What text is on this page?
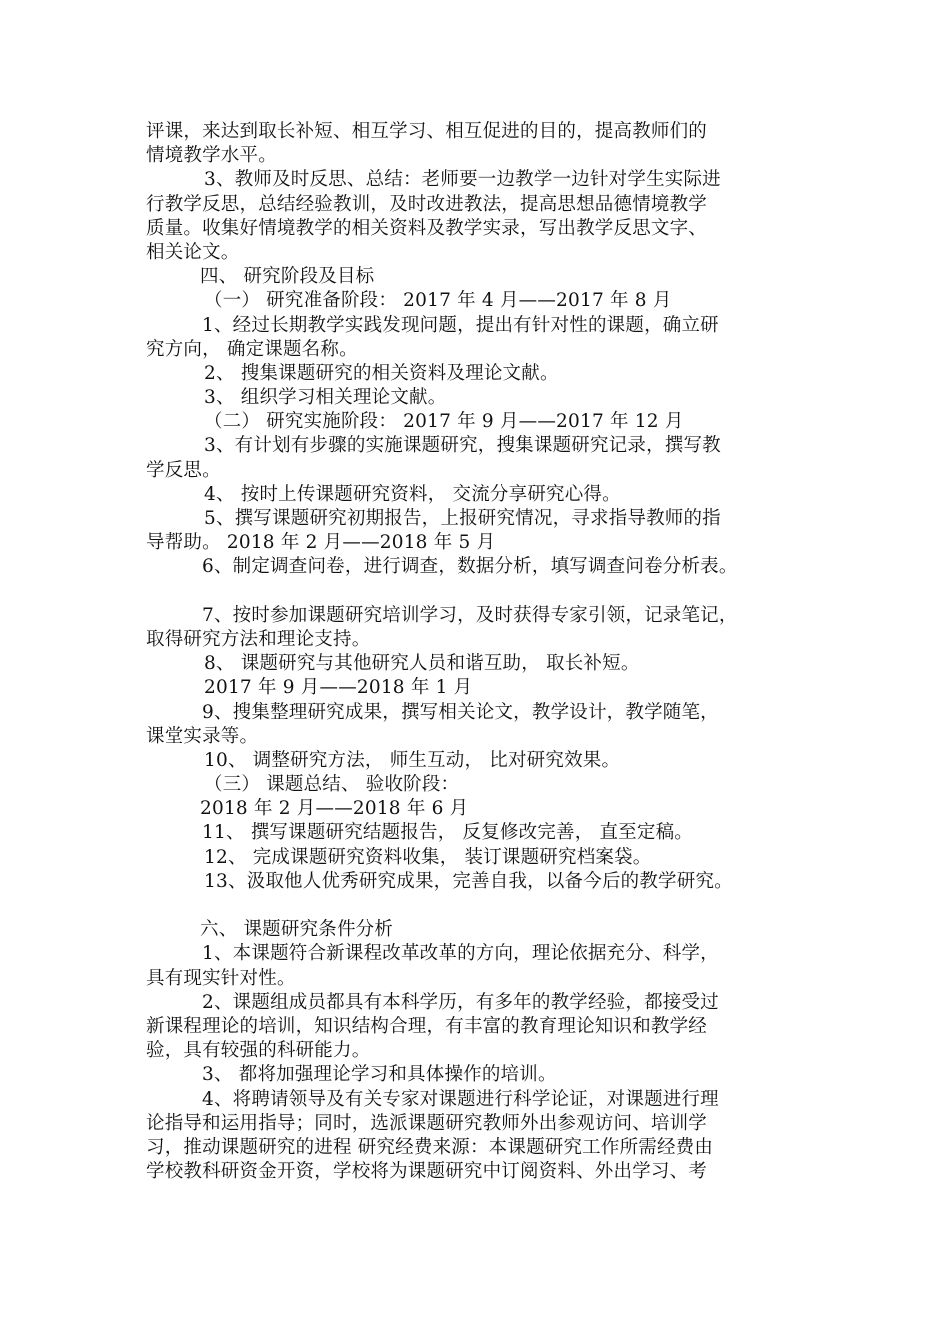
评课，来达到取长补短、相互学习、相互促进的目的，提高教师们的
情境教学水平。
3、教师及时反思、总结：老师要一边教学一边针对学生实际进
行教学反思，总结经验教训，及时改进教法，提高思想品德情境教学
质量。收集好情境教学的相关资料及教学实录，写出教学反思文字、
相关论文。
四、 研究阶段及目标
（一） 研究准备阶段： 2017 年 4 月——2017 年 8 月
1、经过长期教学实践发现问题，提出有针对性的课题，确立研
究方向， 确定课题名称。
2、 搜集课题研究的相关资料及理论文献。
3、 组织学习相关理论文献。
（二） 研究实施阶段： 2017 年 9 月——2017 年 12 月
3、有计划有步骤的实施课题研究，搜集课题研究记录，撰写教
学反思。
4、 按时上传课题研究资料， 交流分享研究心得。
5、撰写课题研究初期报告，上报研究情况，寻求指导教师的指
导帮助。 2018 年 2 月——2018 年 5 月
6、制定调查问卷，进行调查，数据分析，填写调查问卷分析表。
7、按时参加课题研究培训学习，及时获得专家引领，记录笔记，
取得研究方法和理论支持。
8、 课题研究与其他研究人员和谐互助， 取长补短。
2017 年 9 月——2018 年 1 月
9、搜集整理研究成果，撰写相关论文，教学设计，教学随笔，
课堂实录等。
10、 调整研究方法， 师生互动， 比对研究效果。
（三） 课题总结、 验收阶段：
2018 年 2 月——2018 年 6 月
11、 撰写课题研究结题报告， 反复修改完善， 直至定稿。
12、 完成课题研究资料收集， 装订课题研究档案袋。
13、汲取他人优秀研究成果，完善自我，以备今后的教学研究。
六、 课题研究条件分析
1、本课题符合新课程改革改革的方向，理论依据充分、科学，
具有现实针对性。
2、课题组成员都具有本科学历，有多年的教学经验，都接受过
新课程理论的培训，知识结构合理，有丰富的教育理论知识和教学经
验，具有较强的科研能力。
3、 都将加强理论学习和具体操作的培训。
4、将聘请领导及有关专家对课题进行科学论证，对课题进行理
论指导和运用指导；同时，选派课题研究教师外出参观访问、培训学
习，推动课题研究的进程 研究经费来源：本课题研究工作所需经费由
学校教科研资金开资，学校将为课题研究中订阅资料、外出学习、考
